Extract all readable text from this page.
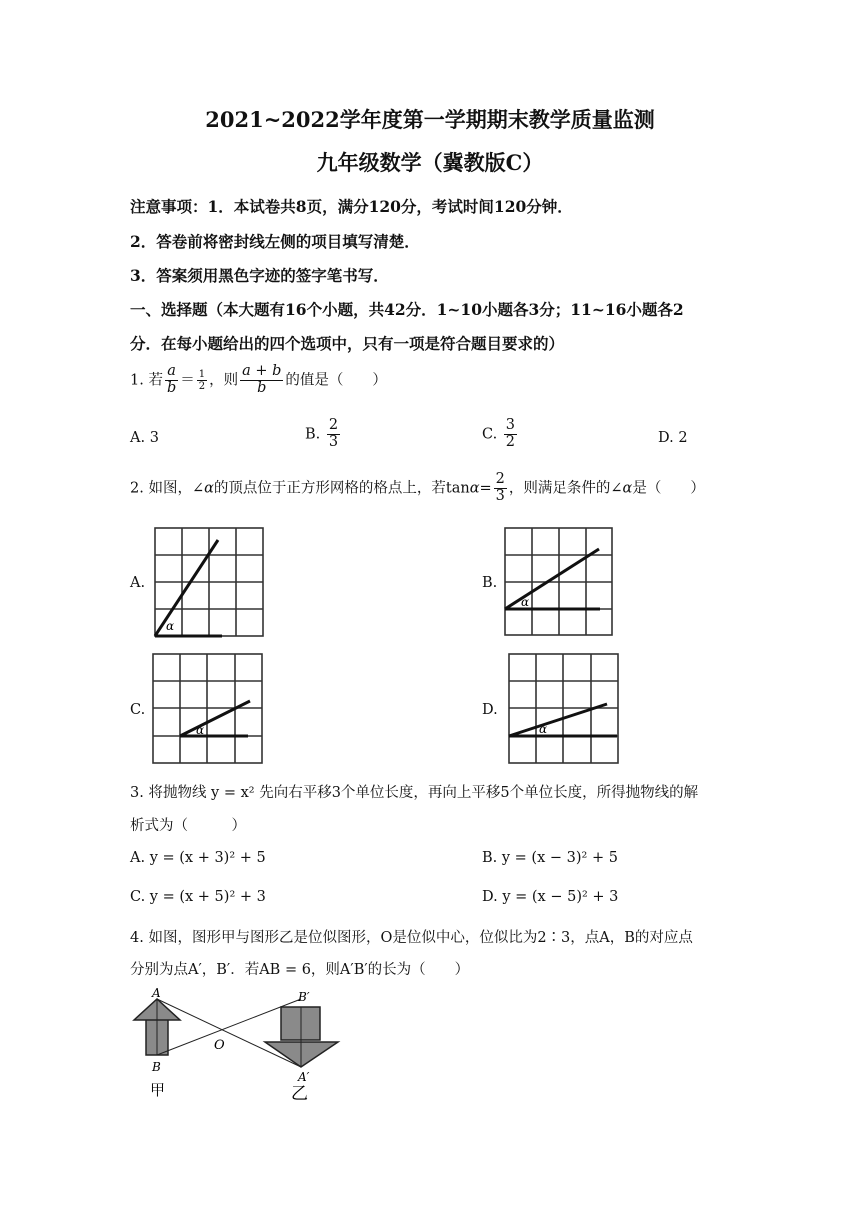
2021~2022学年度第一学期期末教学质量监测
九年级数学（冀教版C）
注意事项：1．本试卷共8页，满分120分，考试时间120分钟．
2．答卷前将密封线左侧的项目填写清楚．
3．答案须用黑色字迹的签字笔书写．
一、选择题（本大题有16个小题，共42分．1~10小题各3分；11~16小题各2
分．在每小题给出的四个选项中，只有一项是符合题目要求的）
1. 若 $\frac{a}{b} = \frac{1}{2}$ ，则 $\frac{a + b}{b}$ 的值是（　　）
A. 3	B. $\frac{2}{3}$	C. $\frac{3}{2}$	D. 2
2. 如图，∠α的顶点位于正方形网格的格点上，若$\tan\alpha= \frac{2}{3}$ ，则满足条件的∠α是（　　）
A.
α
B.
α
C.
α
D.
α
3. 将抛物线 y = x² 先向右平移3个单位长度，再向上平移5个单位长度，所得抛物线的解
析式为（　　　）
A. y = (x + 3)² + 5	B. y = (x − 3)² + 5
C. y = (x + 5)² + 3	D. y = (x − 5)² + 3
4. 如图，图形甲与图形乙是位似图形，O是位似中心，位似比为2∶3，点A，B的对应点
分别为点A′，B′．若AB = 6，则A′B′的长为（　　）
A
B
O
B′
A′
甲	乙
